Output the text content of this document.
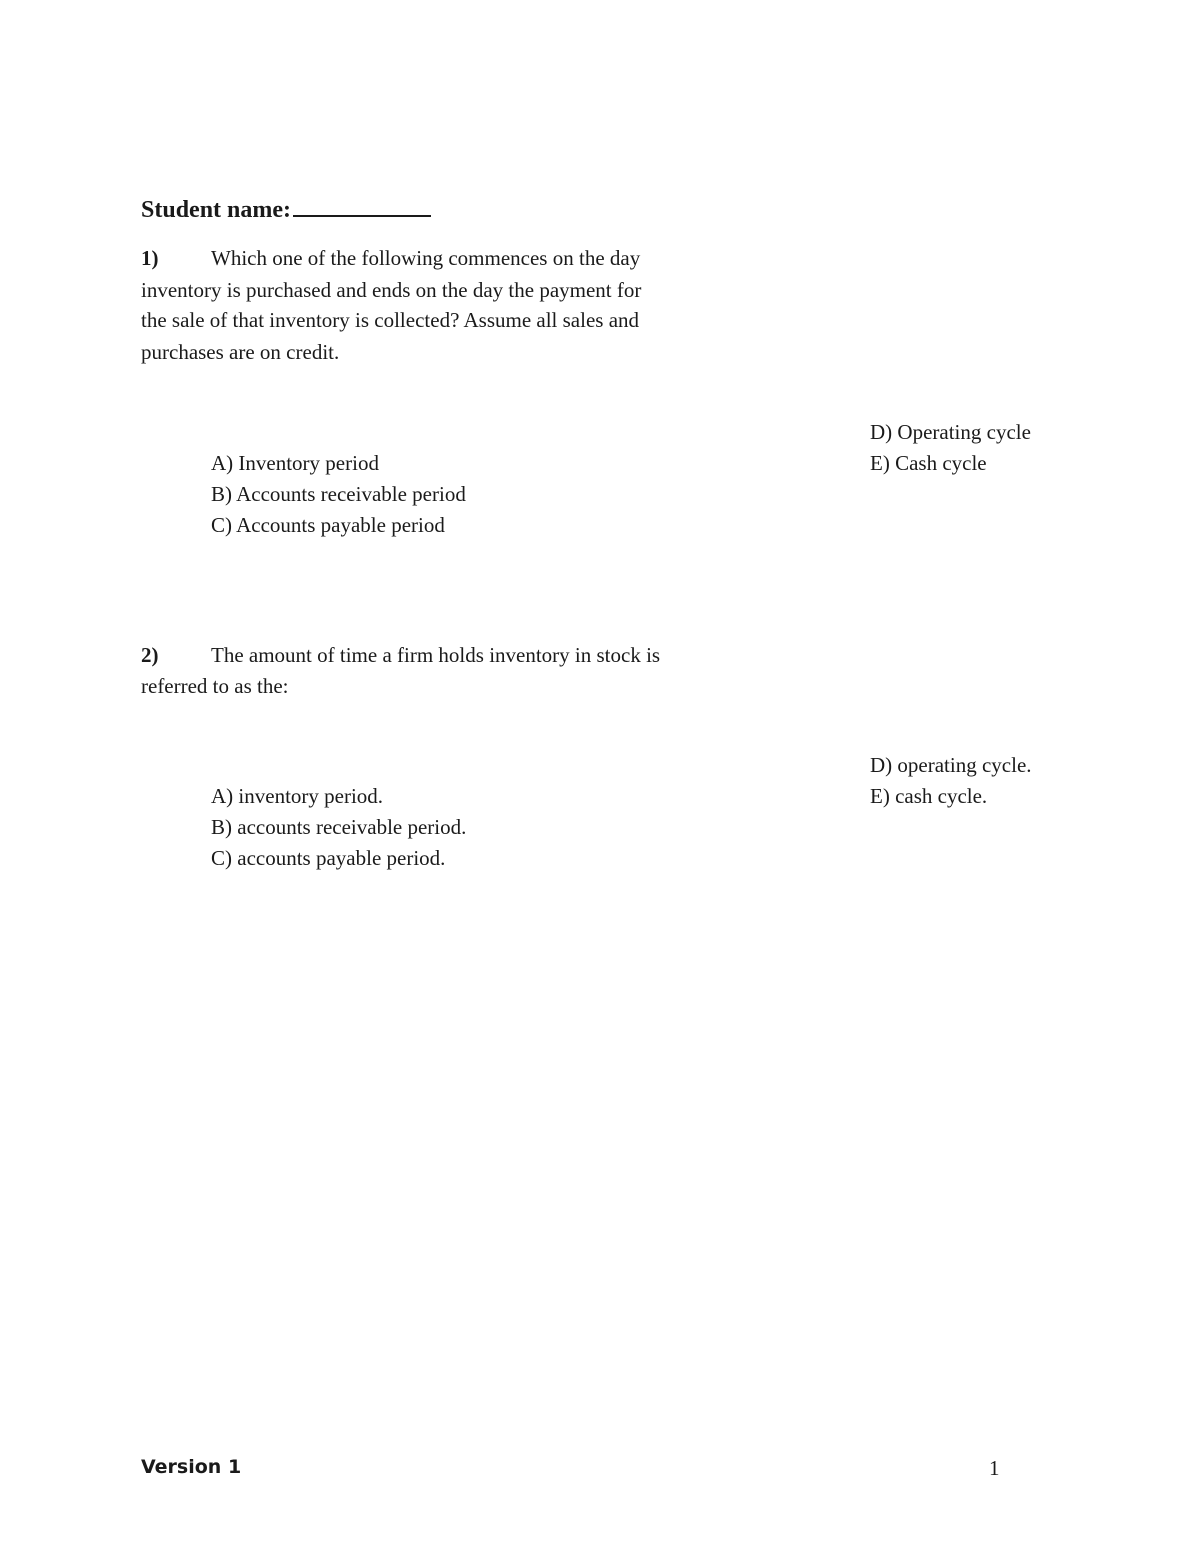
Student name:
1)	Which one of the following commences on the day
inventory is purchased and ends on the day the payment for
the sale of that inventory is collected? Assume all sales and
purchases are on credit.
A) Inventory period
B) Accounts receivable period
C) Accounts payable period
D) Operating cycle
E) Cash cycle
2)	The amount of time a firm holds inventory in stock is
referred to as the:
A) inventory period.
B) accounts receivable period.
C) accounts payable period.
D) operating cycle.
E) cash cycle.
Version 1	1
